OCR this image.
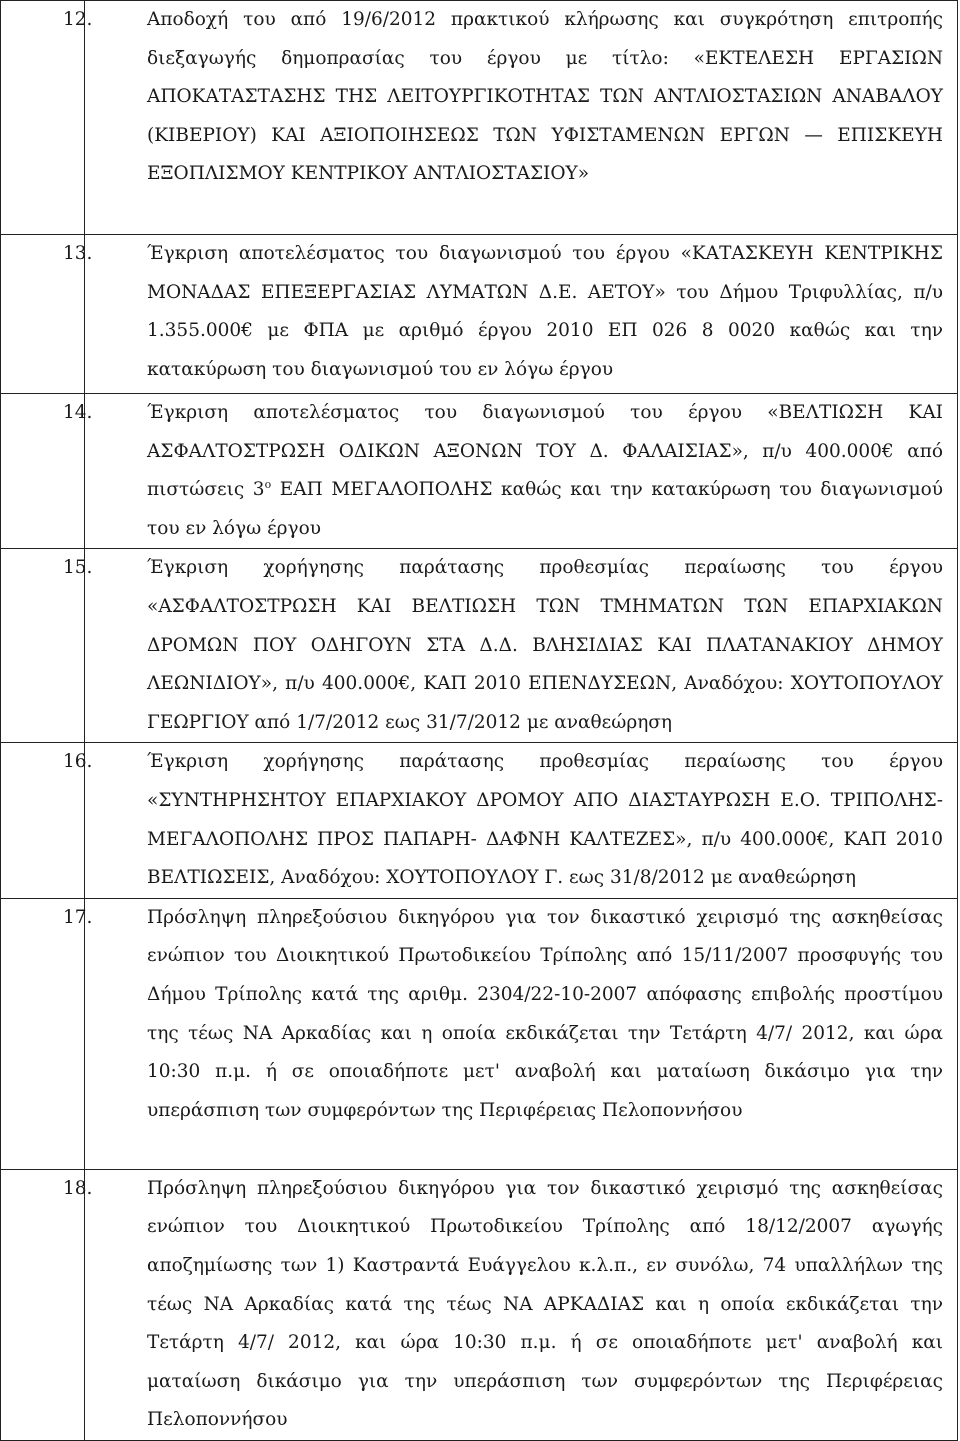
12.	Αποδοχή του από 19/6/2012 πρακτικού κλήρωσης και συγκρότηση επιτροπής διεξαγωγής δημοπρασίας του έργου με τίτλο: «ΕΚΤΕΛΕΣΗ ΕΡΓΑΣΙΩΝ ΑΠΟΚΑΤΑΣΤΑΣΗΣ ΤΗΣ ΛΕΙΤΟΥΡΓΙΚΟΤΗΤΑΣ ΤΩΝ ΑΝΤΛΙΟΣΤΑΣΙΩΝ ΑΝΑΒΑΛΟΥ (ΚΙΒΕΡΙΟΥ) ΚΑΙ ΑΞΙΟΠΟΙΗΣΕΩΣ ΤΩΝ ΥΦΙΣΤΑΜΕΝΩΝ ΕΡΓΩΝ — ΕΠΙΣΚΕΥΗ ΕΞΟΠΛΙΣΜΟΥ ΚΕΝΤΡΙΚΟΥ ΑΝΤΛΙΟΣΤΑΣΙΟΥ»

13.	Έγκριση αποτελέσματος του διαγωνισμού του έργου «ΚΑΤΑΣΚΕΥΗ ΚΕΝΤΡΙΚΗΣ ΜΟΝΑΔΑΣ ΕΠΕΞΕΡΓΑΣΙΑΣ ΛΥΜΑΤΩΝ Δ.Ε. ΑΕΤΟΥ» του Δήμου Τριφυλλίας, π/υ 1.355.000€ με ΦΠΑ με αριθμό έργου 2010 ΕΠ 026 8 0020 καθώς και την κατακύρωση του διαγωνισμού του εν λόγω έργου

14.	Έγκριση αποτελέσματος του διαγωνισμού του έργου «ΒΕΛΤΙΩΣΗ ΚΑΙ ΑΣΦΑΛΤΟΣΤΡΩΣΗ ΟΔΙΚΩΝ ΑΞΟΝΩΝ ΤΟΥ Δ. ΦΑΛΑΙΣΙΑΣ», π/υ 400.000€ από πιστώσεις $3^o$ ΕΑΠ ΜΕΓΑΛΟΠΟΛΗΣ καθώς και την κατακύρωση του διαγωνισμού του εν λόγω έργου

15.	Έγκριση χορήγησης παράτασης προθεσμίας περαίωσης του έργου «ΑΣΦΑΛΤΟΣΤΡΩΣΗ ΚΑΙ ΒΕΛΤΙΩΣΗ ΤΩΝ ΤΜΗΜΑΤΩΝ ΤΩΝ ΕΠΑΡΧΙΑΚΩΝ ΔΡΟΜΩΝ ΠΟΥ ΟΔΗΓΟΥΝ ΣΤΑ Δ.Δ. ΒΛΗΣΙΔΙΑΣ ΚΑΙ ΠΛΑΤΑΝΑΚΙΟΥ ΔΗΜΟΥ ΛΕΩΝΙΔΙΟΥ», π/υ 400.000€, ΚΑΠ 2010 ΕΠΕΝΔΥΣΕΩΝ, Αναδόχου: ΧΟΥΤΟΠΟΥΛΟΥ ΓΕΩΡΓΙΟΥ από 1/7/2012 εως 31/7/2012 με αναθεώρηση

16.	Έγκριση χορήγησης παράτασης προθεσμίας περαίωσης του έργου «ΣΥΝΤΗΡΗΣΗΤΟΥ ΕΠΑΡΧΙΑΚΟΥ ΔΡΟΜΟΥ ΑΠΟ ΔΙΑΣΤΑΥΡΩΣΗ Ε.Ο. ΤΡΙΠΟΛΗΣ- ΜΕΓΑΛΟΠΟΛΗΣ ΠΡΟΣ ΠΑΠΑΡΗ- ΔΑΦΝΗ ΚΑΛΤΕΖΕΣ», π/υ 400.000€, ΚΑΠ 2010 ΒΕΛΤΙΩΣΕΙΣ, Αναδόχου: ΧΟΥΤΟΠΟΥΛΟΥ Γ. εως 31/8/2012 με αναθεώρηση

17.	Πρόσληψη πληρεξούσιου δικηγόρου για τον δικαστικό χειρισμό της ασκηθείσας ενώπιον του Διοικητικού Πρωτοδικείου Τρίπολης από 15/11/2007 προσφυγής του Δήμου Τρίπολης κατά της αριθμ. 2304/22-10-2007 απόφασης επιβολής προστίμου της τέως ΝΑ Αρκαδίας και η οποία εκδικάζεται την Τετάρτη 4/7/ 2012, και ώρα 10:30 π.μ. ή σε οποιαδήποτε μετ' αναβολή και ματαίωση δικάσιμο για την υπεράσπιση των συμφερόντων της Περιφέρειας Πελοποννήσου

18.	Πρόσληψη πληρεξούσιου δικηγόρου για τον δικαστικό χειρισμό της ασκηθείσας ενώπιον του Διοικητικού Πρωτοδικείου Τρίπολης από 18/12/2007 αγωγής αποζημίωσης των 1) Καστραντά Ευάγγελου κ.λ.π., εν συνόλω, 74 υπαλλήλων της τέως ΝΑ Αρκαδίας κατά της τέως ΝΑ ΑΡΚΑΔΙΑΣ και η οποία εκδικάζεται την Τετάρτη 4/7/ 2012, και ώρα 10:30 π.μ. ή σε οποιαδήποτε μετ' αναβολή και ματαίωση δικάσιμο για την υπεράσπιση των συμφερόντων της Περιφέρειας Πελοποννήσου
